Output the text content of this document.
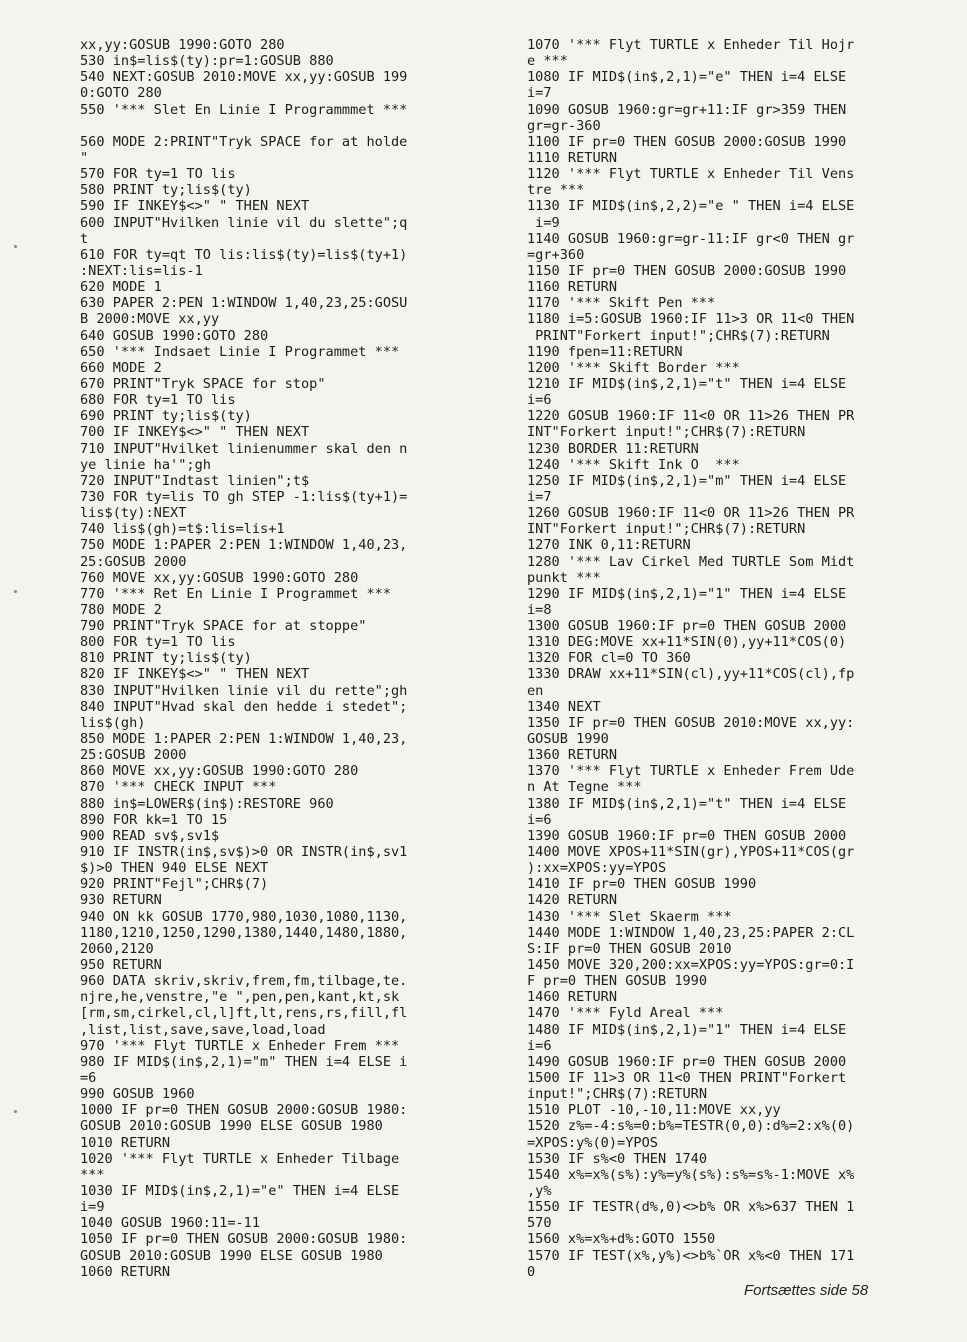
xx,yy:GOSUB 1990:GOTO 280
530 in$=lis$(ty):pr=1:GOSUB 880
540 NEXT:GOSUB 2010:MOVE xx,yy:GOSUB 199
0:GOTO 280
550 '*** Slet En Linie I Programmmet ***
560 MODE 2:PRINT"Tryk SPACE for at holde
"
570 FOR ty=1 TO lis
580 PRINT ty;lis$(ty)
590 IF INKEY$<>" " THEN NEXT
600 INPUT"Hvilken linie vil du slette";q
t
610 FOR ty=qt TO lis:lis$(ty)=lis$(ty+1)
:NEXT:lis=lis-1
620 MODE 1
630 PAPER 2:PEN 1:WINDOW 1,40,23,25:GOSU
B 2000:MOVE xx,yy
640 GOSUB 1990:GOTO 280
650 '*** Indsaet Linie I Programmet ***
660 MODE 2
670 PRINT"Tryk SPACE for stop"
680 FOR ty=1 TO lis
690 PRINT ty;lis$(ty)
700 IF INKEY$<>" " THEN NEXT
710 INPUT"Hvilket linienummer skal den n
ye linie ha'";gh
720 INPUT"Indtast linien";t$
730 FOR ty=lis TO gh STEP -1:lis$(ty+1)=
lis$(ty):NEXT
740 lis$(gh)=t$:lis=lis+1
750 MODE 1:PAPER 2:PEN 1:WINDOW 1,40,23,
25:GOSUB 2000
760 MOVE xx,yy:GOSUB 1990:GOTO 280
770 '*** Ret En Linie I Programmet ***
780 MODE 2
790 PRINT"Tryk SPACE for at stoppe"
800 FOR ty=1 TO lis
810 PRINT ty;lis$(ty)
820 IF INKEY$<>" " THEN NEXT
830 INPUT"Hvilken linie vil du rette";gh
840 INPUT"Hvad skal den hedde i stedet";
lis$(gh)
850 MODE 1:PAPER 2:PEN 1:WINDOW 1,40,23,
25:GOSUB 2000
860 MOVE xx,yy:GOSUB 1990:GOTO 280
870 '*** CHECK INPUT ***
880 in$=LOWER$(in$):RESTORE 960
890 FOR kk=1 TO 15
900 READ sv$,sv1$
910 IF INSTR(in$,sv$)>0 OR INSTR(in$,sv1
$)>0 THEN 940 ELSE NEXT
920 PRINT"Fejl";CHR$(7)
930 RETURN
940 ON kk GOSUB 1770,980,1030,1080,1130,
1180,1210,1250,1290,1380,1440,1480,1880,
2060,2120
950 RETURN
960 DATA skriv,skriv,frem,fm,tilbage,te.
njre,he,venstre,"e ",pen,pen,kant,kt,sk
[rm,sm,cirkel,cl,l]ft,lt,rens,rs,fill,fl
,list,list,save,save,load,load
970 '*** Flyt TURTLE x Enheder Frem ***
980 IF MID$(in$,2,1)="m" THEN i=4 ELSE i
=6
990 GOSUB 1960
1000 IF pr=0 THEN GOSUB 2000:GOSUB 1980:
GOSUB 2010:GOSUB 1990 ELSE GOSUB 1980
1010 RETURN
1020 '*** Flyt TURTLE x Enheder Tilbage
***
1030 IF MID$(in$,2,1)="e" THEN i=4 ELSE
i=9
1040 GOSUB 1960:11=-11
1050 IF pr=0 THEN GOSUB 2000:GOSUB 1980:
GOSUB 2010:GOSUB 1990 ELSE GOSUB 1980
1060 RETURN
1070 '*** Flyt TURTLE x Enheder Til Hojr
e ***
1080 IF MID$(in$,2,1)="e" THEN i=4 ELSE
i=7
1090 GOSUB 1960:gr=gr+11:IF gr>359 THEN
gr=gr-360
1100 IF pr=0 THEN GOSUB 2000:GOSUB 1990
1110 RETURN
1120 '*** Flyt TURTLE x Enheder Til Vens
tre ***
1130 IF MID$(in$,2,2)="e " THEN i=4 ELSE
i=9
1140 GOSUB 1960:gr=gr-11:IF gr<0 THEN gr
=gr+360
1150 IF pr=0 THEN GOSUB 2000:GOSUB 1990
1160 RETURN
1170 '*** Skift Pen ***
1180 i=5:GOSUB 1960:IF 11>3 OR 11<0 THEN
PRINT"Forkert input!";CHR$(7):RETURN
1190 fpen=11:RETURN
1200 '*** Skift Border ***
1210 IF MID$(in$,2,1)="t" THEN i=4 ELSE
i=6
1220 GOSUB 1960:IF 11<0 OR 11>26 THEN PR
INT"Forkert input!";CHR$(7):RETURN
1230 BORDER 11:RETURN
1240 '*** Skift Ink O  ***
1250 IF MID$(in$,2,1)="m" THEN i=4 ELSE
i=7
1260 GOSUB 1960:IF 11<0 OR 11>26 THEN PR
INT"Forkert input!";CHR$(7):RETURN
1270 INK 0,11:RETURN
1280 '*** Lav Cirkel Med TURTLE Som Midt
punkt ***
1290 IF MID$(in$,2,1)="1" THEN i=4 ELSE
i=8
1300 GOSUB 1960:IF pr=0 THEN GOSUB 2000
1310 DEG:MOVE xx+11*SIN(0),yy+11*COS(0)
1320 FOR cl=0 TO 360
1330 DRAW xx+11*SIN(cl),yy+11*COS(cl),fp
en
1340 NEXT
1350 IF pr=0 THEN GOSUB 2010:MOVE xx,yy:
GOSUB 1990
1360 RETURN
1370 '*** Flyt TURTLE x Enheder Frem Ude
n At Tegne ***
1380 IF MID$(in$,2,1)="t" THEN i=4 ELSE
i=6
1390 GOSUB 1960:IF pr=0 THEN GOSUB 2000
1400 MOVE XPOS+11*SIN(gr),YPOS+11*COS(gr
):xx=XPOS:yy=YPOS
1410 IF pr=0 THEN GOSUB 1990
1420 RETURN
1430 '*** Slet Skaerm ***
1440 MODE 1:WINDOW 1,40,23,25:PAPER 2:CL
S:IF pr=0 THEN GOSUB 2010
1450 MOVE 320,200:xx=XPOS:yy=YPOS:gr=0:I
F pr=0 THEN GOSUB 1990
1460 RETURN
1470 '*** Fyld Areal ***
1480 IF MID$(in$,2,1)="1" THEN i=4 ELSE
i=6
1490 GOSUB 1960:IF pr=0 THEN GOSUB 2000
1500 IF 11>3 OR 11<0 THEN PRINT"Forkert
input!";CHR$(7):RETURN
1510 PLOT -10,-10,11:MOVE xx,yy
1520 z%=-4:s%=0:b%=TESTR(0,0):d%=2:x%(0)
=XPOS:y%(0)=YPOS
1530 IF s%<0 THEN 1740
1540 x%=x%(s%):y%=y%(s%):s%=s%-1:MOVE x%
,y%
1550 IF TESTR(d%,0)<>b% OR x%>637 THEN 1
570
1560 x%=x%+d%:GOTO 1550
1570 IF TEST(x%,y%)<>b%`OR x%<0 THEN 171
0
Fortsættes side 58
